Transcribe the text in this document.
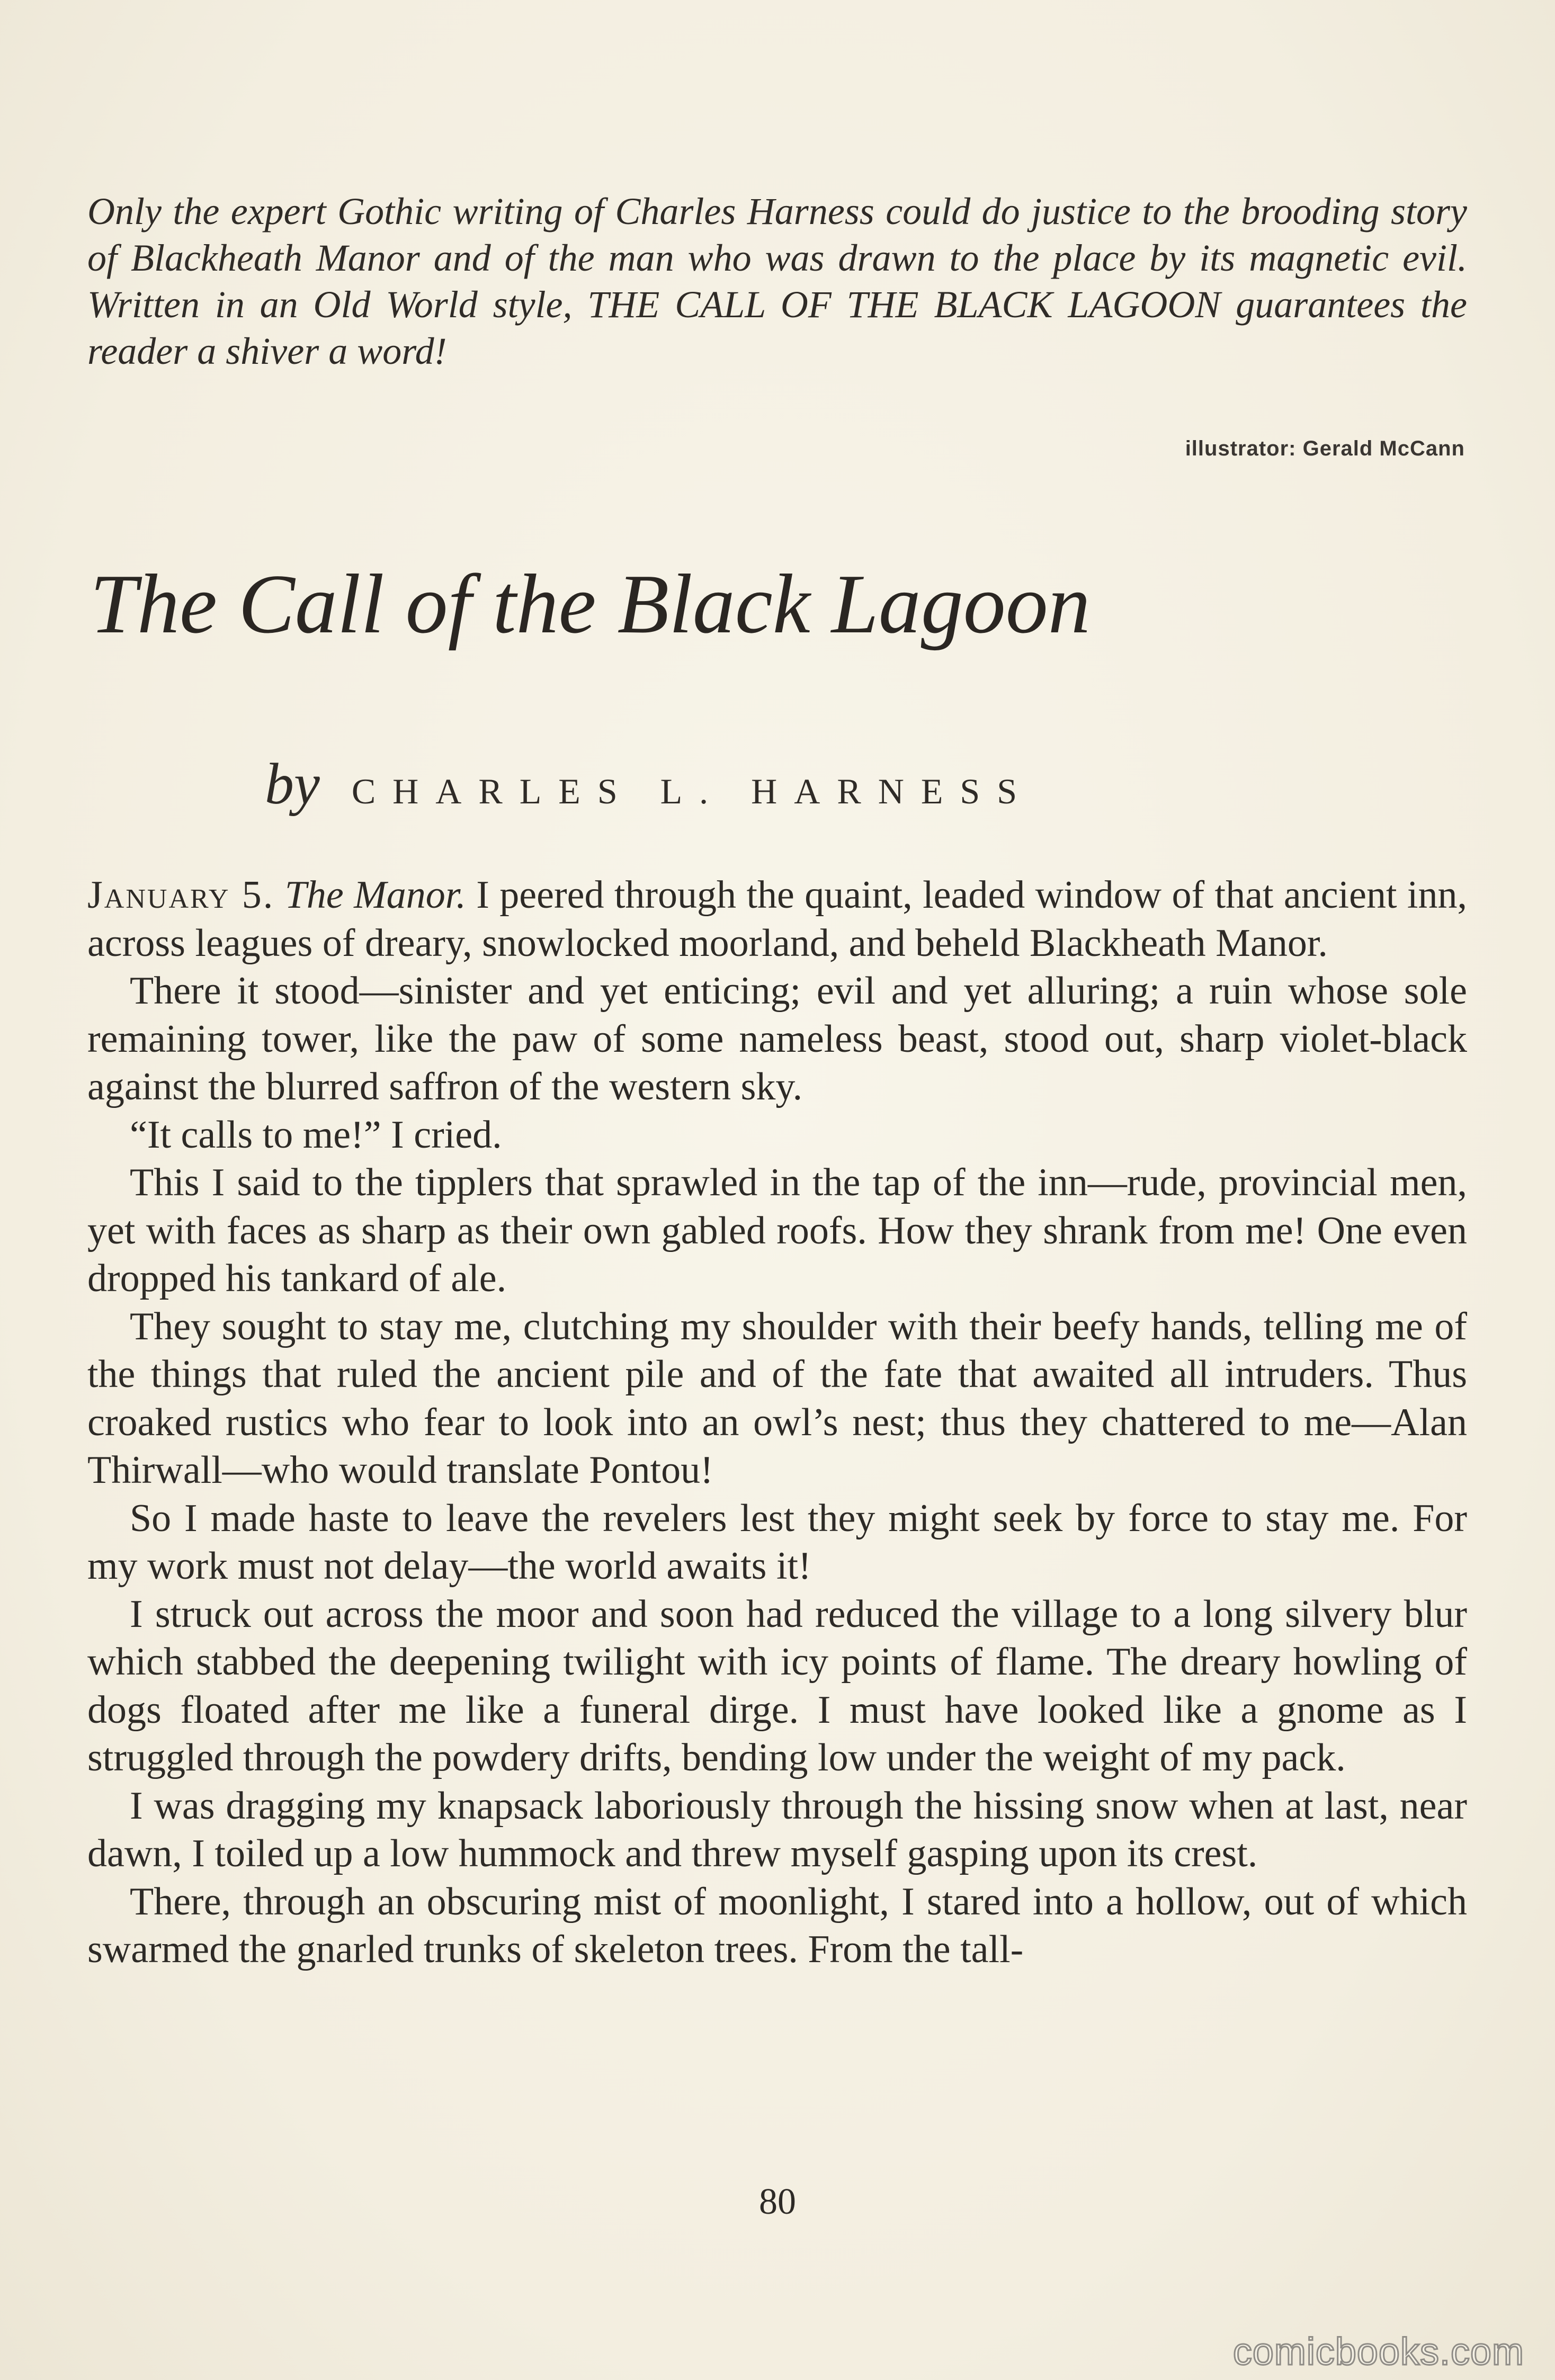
Only the expert Gothic writing of Charles Harness could do justice to the brooding story of Blackheath Manor and of the man who was drawn to the place by its magnetic evil. Written in an Old World style, THE CALL OF THE BLACK LAGOON guarantees the reader a shiver a word!

illustrator: Gerald McCann

The Call of the Black Lagoon

by CHARLES L. HARNESS

January 5. The Manor. I peered through the quaint, leaded window of that ancient inn, across leagues of dreary, snowlocked moorland, and beheld Blackheath Manor.

There it stood—sinister and yet enticing; evil and yet alluring; a ruin whose sole remaining tower, like the paw of some nameless beast, stood out, sharp violet-black against the blurred saffron of the western sky.

“It calls to me!” I cried.

This I said to the tipplers that sprawled in the tap of the inn—rude, provincial men, yet with faces as sharp as their own gabled roofs. How they shrank from me! One even dropped his tankard of ale.

They sought to stay me, clutching my shoulder with their beefy hands, telling me of the things that ruled the ancient pile and of the fate that awaited all intruders. Thus croaked rustics who fear to look into an owl’s nest; thus they chattered to me—Alan Thirwall—who would translate Pontou!

So I made haste to leave the revelers lest they might seek by force to stay me. For my work must not delay—the world awaits it!

I struck out across the moor and soon had reduced the village to a long silvery blur which stabbed the deepening twilight with icy points of flame. The dreary howling of dogs floated after me like a funeral dirge. I must have looked like a gnome as I struggled through the powdery drifts, bending low under the weight of my pack.

I was dragging my knapsack laboriously through the hissing snow when at last, near dawn, I toiled up a low hummock and threw myself gasping upon its crest.

There, through an obscuring mist of moonlight, I stared into a hollow, out of which swarmed the gnarled trunks of skeleton trees. From the tall-

80

comicbooks.com
